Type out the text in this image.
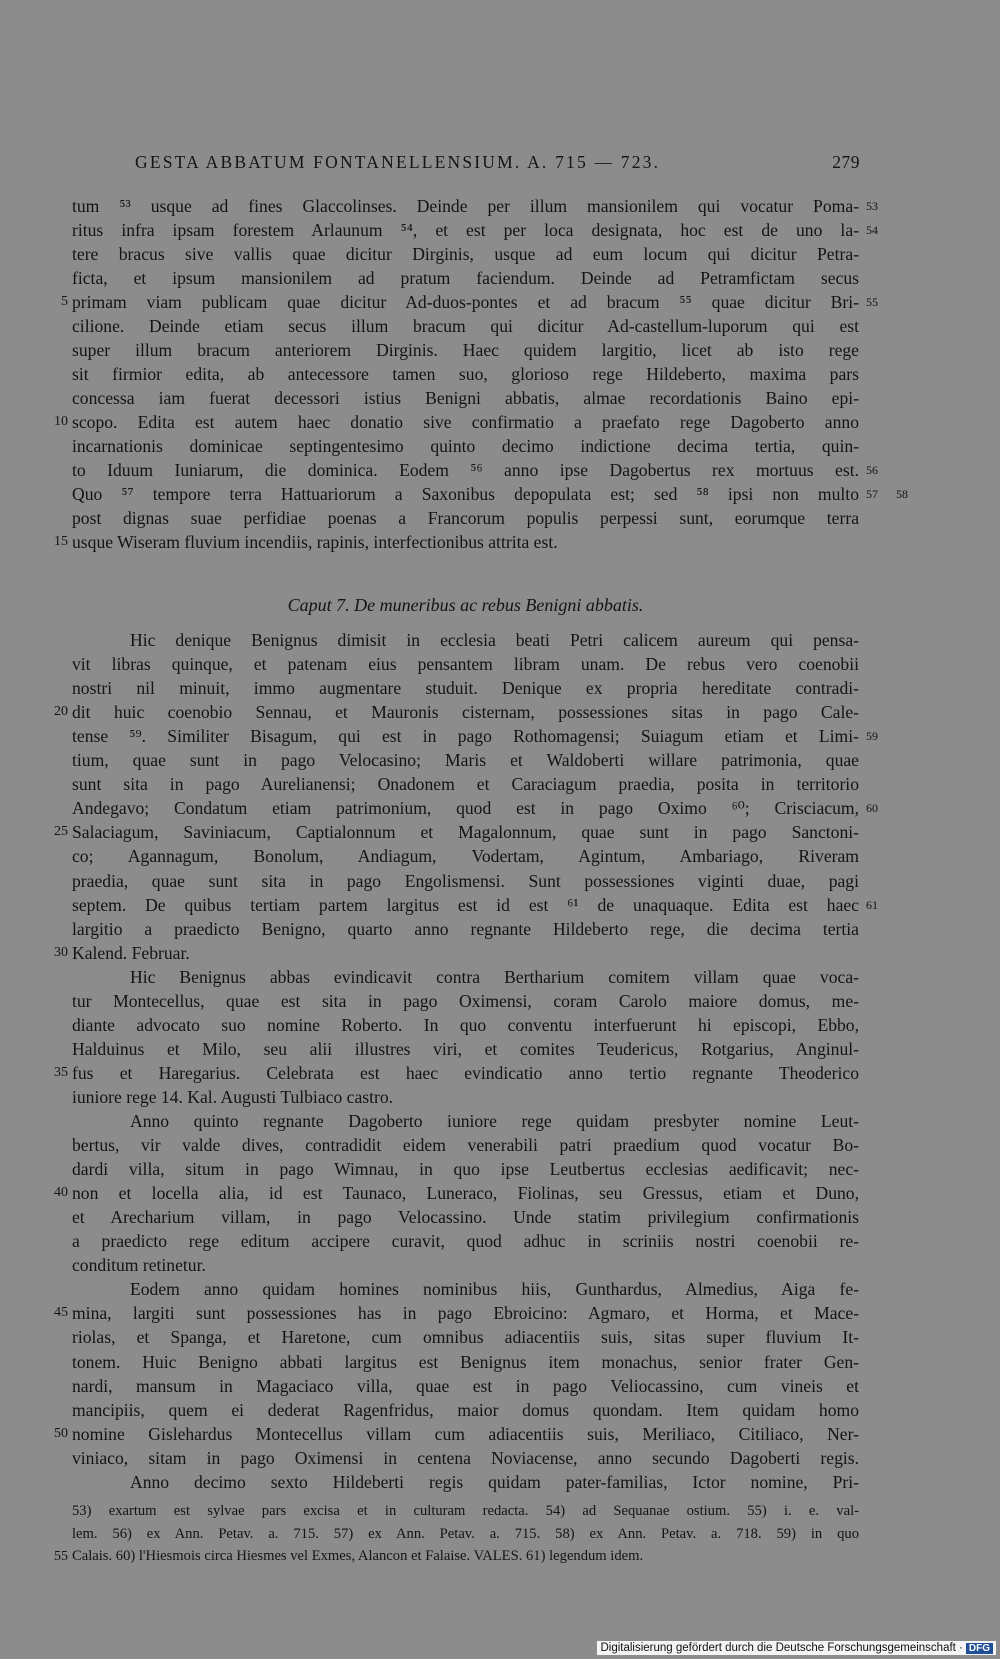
GESTA ABBATUM FONTANELLENSIUM. A. 715 — 723.	279
tum ⁵³ usque ad fines Glaccolinses. Deinde per illum mansionilem qui vocatur Poma- 53
ritus infra ipsam forestem Arlaunum ⁵⁴, et est per loca designata, hoc est de uno la- 54
tere bracus sive vallis quae dicitur Dirginis, usque ad eum locum qui dicitur Petra-
ficta, et ipsum mansionilem ad pratum faciendum. Deinde ad Petramfictam secus
primam viam publicam quae dicitur Ad-duos-pontes et ad bracum ⁵⁵ quae dicitur Bri-
5	55
cilione. Deinde etiam secus illum bracum qui dicitur Ad-castellum-luporum qui est
super illum bracum anteriorem Dirginis. Haec quidem largitio, licet ab isto rege
sit firmior edita, ab antecessore tamen suo, glorioso rege Hildeberto, maxima pars
concessa iam fuerat decessori istius Benigni abbatis, almae recordationis Baino epi-
scopo. Edita est autem haec donatio sive confirmatio a praefato rege Dagoberto anno
10
incarnationis dominicae septingentesimo quinto decimo indictione decima tertia, quin-
to Iduum Iuniarum, die dominica. Eodem ⁵⁶ anno ipse Dagobertus rex mortuus est. 56
Quo ⁵⁷ tempore terra Hattuariorum a Saxonibus depopulata est; sed ⁵⁸ ipsi non multo 57 58
post dignas suae perfidiae poenas a Francorum populis perpessi sunt, eorumque terra
usque Wiseram fluvium incendiis, rapinis, interfectionibus attrita est.
15
Caput 7. De muneribus ac rebus Benigni abbatis.
Hic denique Benignus dimisit in ecclesia beati Petri calicem aureum qui pensa-
vit libras quinque, et patenam eius pensantem libram unam. De rebus vero coenobii
nostri nil minuit, immo augmentare studuit. Denique ex propria hereditate contradi-
dit huic coenobio Sennau, et Mauronis cisternam, possessiones sitas in pago Cale-
20
tense ⁵⁹. Similiter Bisagum, qui est in pago Rothomagensi; Suiagum etiam et Limi- 59
tium, quae sunt in pago Velocasino; Maris et Waldoberti willare patrimonia, quae
sunt sita in pago Aurelianensi; Onadonem et Caraciagum praedia, posita in territorio
Andegavo; Condatum etiam patrimonium, quod est in pago Oximo ⁶⁰; Crisciacum, 60
Salaciagum, Saviniacum, Captialonnum et Magalonnum, quae sunt in pago Sanctoni-
25
co; Agannagum, Bonolum, Andiagum, Vodertam, Agintum, Ambariago, Riveram
praedia, quae sunt sita in pago Engolismensi. Sunt possessiones viginti duae, pagi
septem. De quibus tertiam partem largitus est id est ⁶¹ de unaquaque. Edita est haec 61
largitio a praedicto Benigno, quarto anno regnante Hildeberto rege, die decima tertia
Kalend. Februar.
30
Hic Benignus abbas evindicavit contra Bertharium comitem villam quae voca-
tur Montecellus, quae est sita in pago Oximensi, coram Carolo maiore domus, me-
diante advocato suo nomine Roberto. In quo conventu interfuerunt hi episcopi, Ebbo,
Halduinus et Milo, seu alii illustres viri, et comites Teudericus, Rotgarius, Anginul-
fus et Haregarius. Celebrata est haec evindicatio anno tertio regnante Theoderico
35
iuniore rege 14. Kal. Augusti Tulbiaco castro.
Anno quinto regnante Dagoberto iuniore rege quidam presbyter nomine Leut-
bertus, vir valde dives, contradidit eidem venerabili patri praedium quod vocatur Bo-
dardi villa, situm in pago Wimnau, in quo ipse Leutbertus ecclesias aedificavit; nec-
non et locella alia, id est Taunaco, Luneraco, Fiolinas, seu Gressus, etiam et Duno,
40
et Arecharium villam, in pago Velocassino. Unde statim privilegium confirmationis
a praedicto rege editum accipere curavit, quod adhuc in scriniis nostri coenobii re-
conditum retinetur.
Eodem anno quidam homines nominibus hiis, Gunthardus, Almedius, Aiga fe-
mina, largiti sunt possessiones has in pago Ebroicino: Agmaro, et Horma, et Mace-
45
riolas, et Spanga, et Haretone, cum omnibus adiacentiis suis, sitas super fluvium It-
tonem. Huic Benigno abbati largitus est Benignus item monachus, senior frater Gen-
nardi, mansum in Magaciaco villa, quae est in pago Veliocassino, cum vineis et
mancipiis, quem ei dederat Ragenfridus, maior domus quondam. Item quidam homo
nomine Gislehardus Montecellus villam cum adiacentiis suis, Meriliaco, Citiliaco, Ner-
50
viniaco, sitam in pago Oximensi in centena Noviacense, anno secundo Dagoberti regis.
Anno decimo sexto Hildeberti regis quidam pater-familias, Ictor nomine, Pri-
53) exartum est sylvae pars excisa et in culturam redacta. 54) ad Sequanae ostium. 55) i. e. val-
lem. 56) ex Ann. Petav. a. 715. 57) ex Ann. Petav. a. 715. 58) ex Ann. Petav. a. 718. 59) in quo
Calais. 60) l'Hiesmois circa Hiesmes vel Exmes, Alancon et Falaise. VALES. 61) legendum idem.
55
Digitalisierung gefördert durch die Deutsche Forschungsgemeinschaft · DFG
